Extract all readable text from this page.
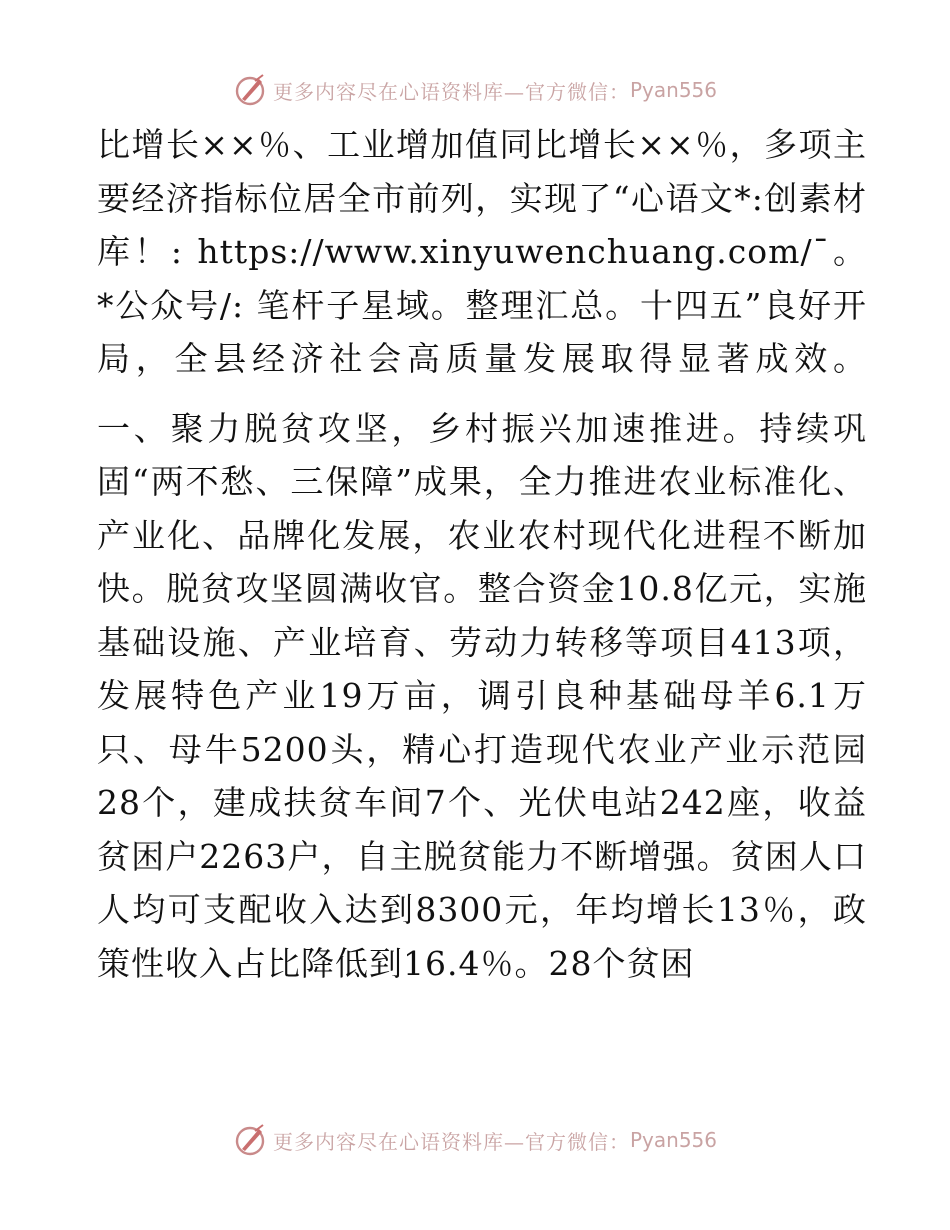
更多内容尽在心语资料库—官方微信： Pyan556

比增长××％、工业增加值同比增长××％，多项主要经济指标位居全市前列，实现了“心语文*:创素材库！: https://www.xinyuwenchuang.com/¯。*公众号/: 笔杆子星域。整理汇总。十四五”良好开局，全县经济社会高质量发展取得显著成效。

一、聚力脱贫攻坚，乡村振兴加速推进。持续巩固“两不愁、三保障”成果，全力推进农业标准化、产业化、品牌化发展，农业农村现代化进程不断加快。脱贫攻坚圆满收官。整合资金10.8亿元，实施基础设施、产业培育、劳动力转移等项目413项，发展特色产业19万亩，调引良种基础母羊6.1万只、母牛5200头，精心打造现代农业产业示范园28个，建成扶贫车间7个、光伏电站242座，收益贫困户2263户，自主脱贫能力不断增强。贫困人口人均可支配收入达到8300元，年均增长13％，政策性收入占比降低到16.4％。28个贫困

更多内容尽在心语资料库—官方微信： Pyan556
